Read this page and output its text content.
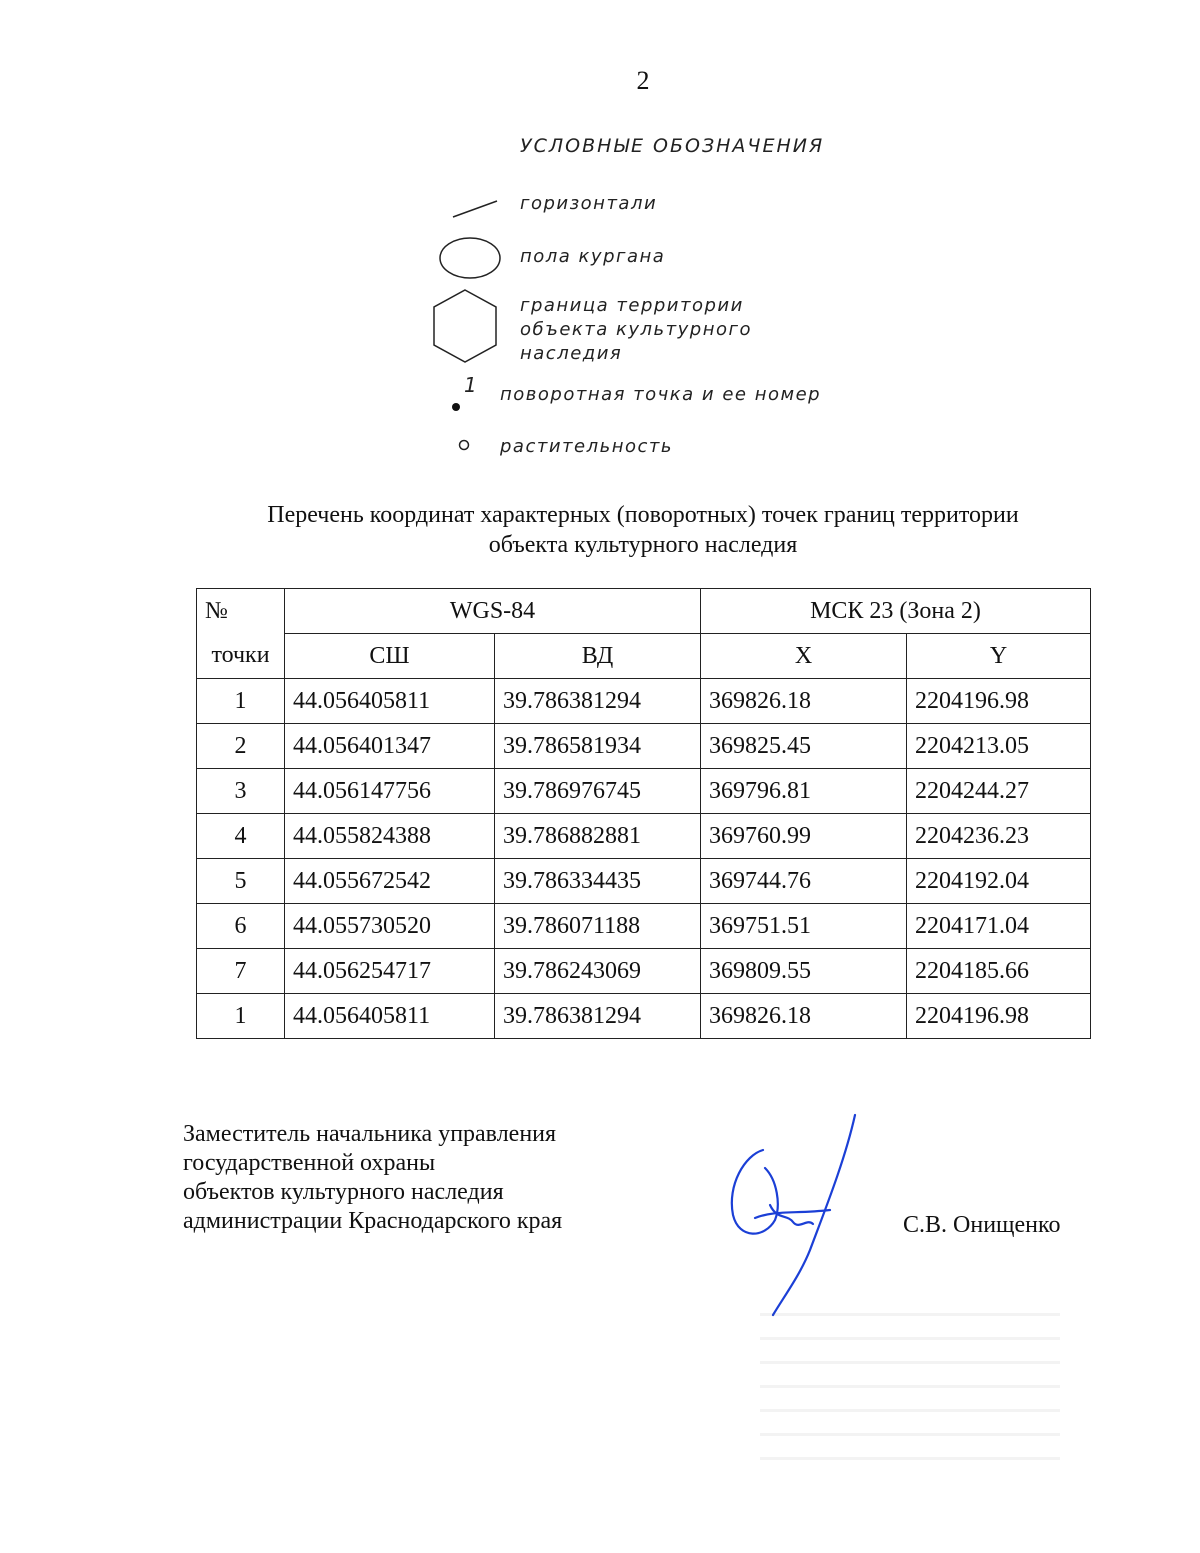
2
УСЛОВНЫЕ ОБОЗНАЧЕНИЯ
горизонтали
пола кургана
граница территории
объекта культурного
наследия
1 поворотная точка и ее номер
растительность
Перечень координат характерных (поворотных) точек границ территории
объекта культурного наследия
№	WGS-84		МСК 23 (Зона 2)	
точки	СШ	ВД	X	Y
1	44.056405811	39.786381294	369826.18	2204196.98
2	44.056401347	39.786581934	369825.45	2204213.05
3	44.056147756	39.786976745	369796.81	2204244.27
4	44.055824388	39.786882881	369760.99	2204236.23
5	44.055672542	39.786334435	369744.76	2204192.04
6	44.055730520	39.786071188	369751.51	2204171.04
7	44.056254717	39.786243069	369809.55	2204185.66
1	44.056405811	39.786381294	369826.18	2204196.98
Заместитель начальника управления
государственной охраны
объектов культурного наследия
администрации Краснодарского края	С.В. Онищенко
